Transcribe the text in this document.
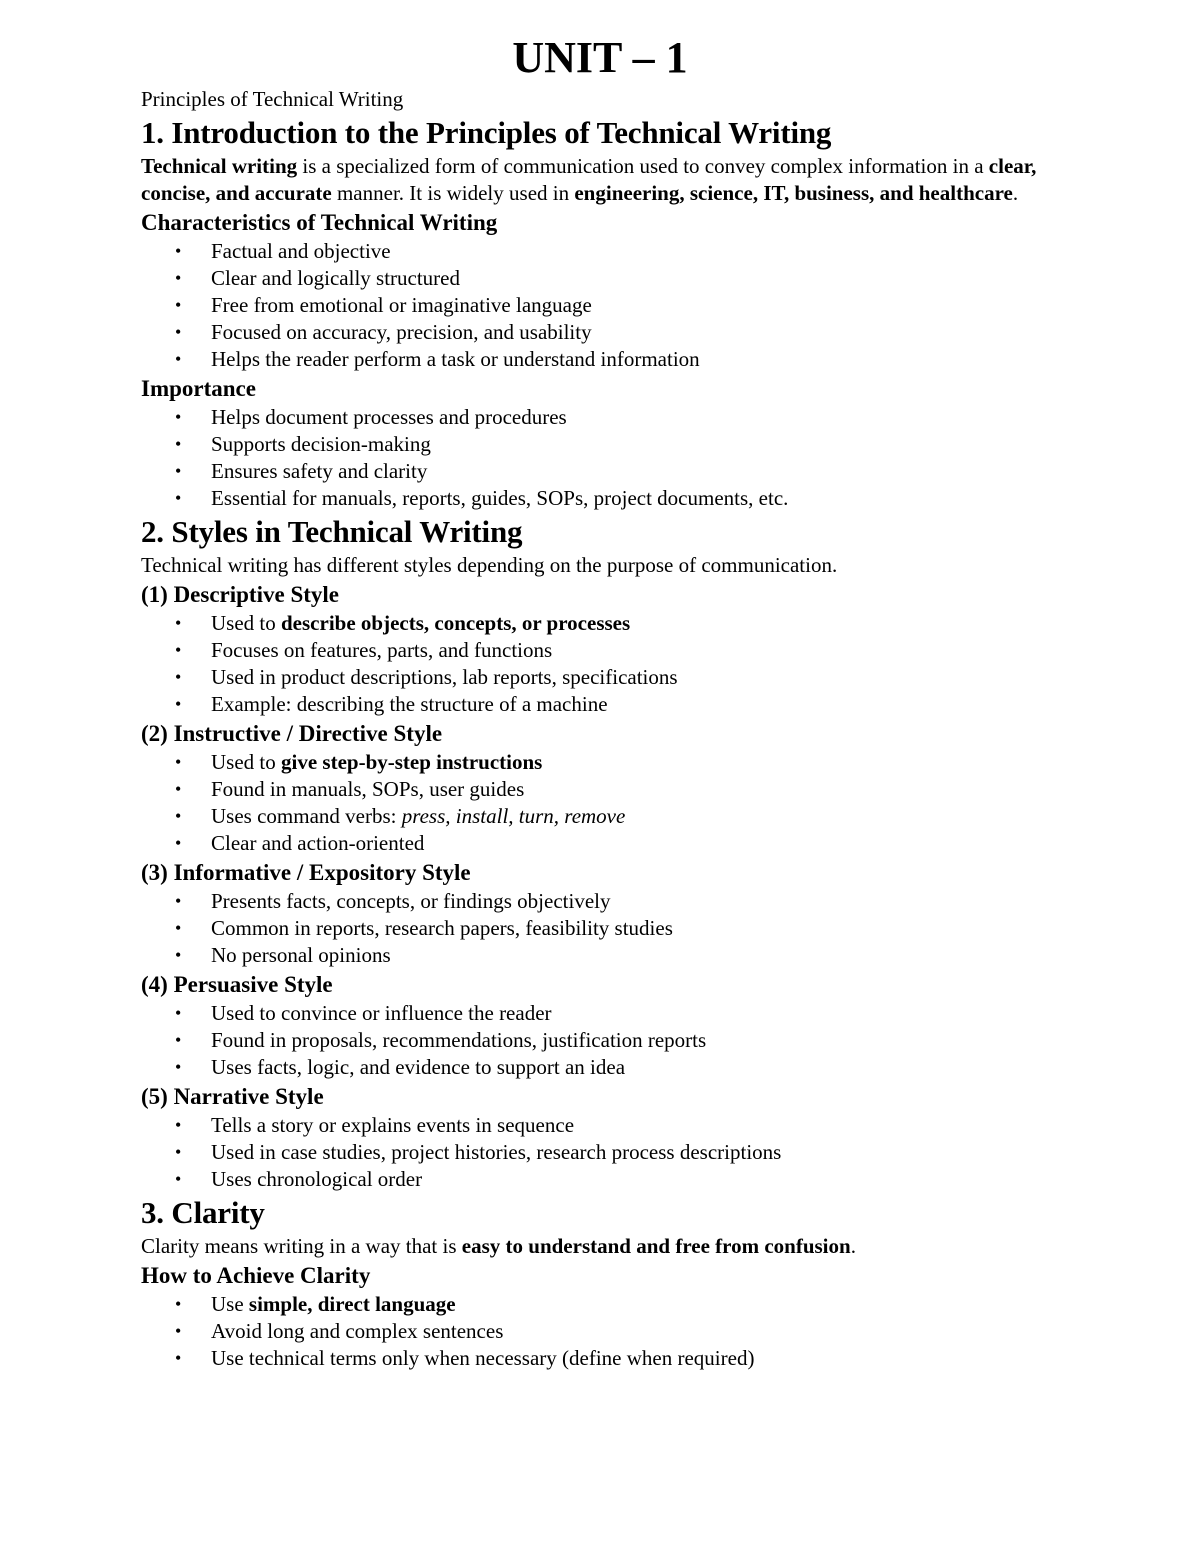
UNIT – 1

Principles of Technical Writing

1. Introduction to the Principles of Technical Writing

Technical writing is a specialized form of communication used to convey complex information in a clear, concise, and accurate manner. It is widely used in engineering, science, IT, business, and healthcare.

Characteristics of Technical Writing
• Factual and objective
• Clear and logically structured
• Free from emotional or imaginative language
• Focused on accuracy, precision, and usability
• Helps the reader perform a task or understand information
Importance
• Helps document processes and procedures
• Supports decision-making
• Ensures safety and clarity
• Essential for manuals, reports, guides, SOPs, project documents, etc.
2. Styles in Technical Writing

Technical writing has different styles depending on the purpose of communication.

(1) Descriptive Style
• Used to describe objects, concepts, or processes
• Focuses on features, parts, and functions
• Used in product descriptions, lab reports, specifications
• Example: describing the structure of a machine
(2) Instructive / Directive Style
• Used to give step-by-step instructions
• Found in manuals, SOPs, user guides
• Uses command verbs: press, install, turn, remove
• Clear and action-oriented
(3) Informative / Expository Style
• Presents facts, concepts, or findings objectively
• Common in reports, research papers, feasibility studies
• No personal opinions
(4) Persuasive Style
• Used to convince or influence the reader
• Found in proposals, recommendations, justification reports
• Uses facts, logic, and evidence to support an idea
(5) Narrative Style
• Tells a story or explains events in sequence
• Used in case studies, project histories, research process descriptions
• Uses chronological order
3. Clarity

Clarity means writing in a way that is easy to understand and free from confusion.

How to Achieve Clarity
• Use simple, direct language
• Avoid long and complex sentences
• Use technical terms only when necessary (define when required)
